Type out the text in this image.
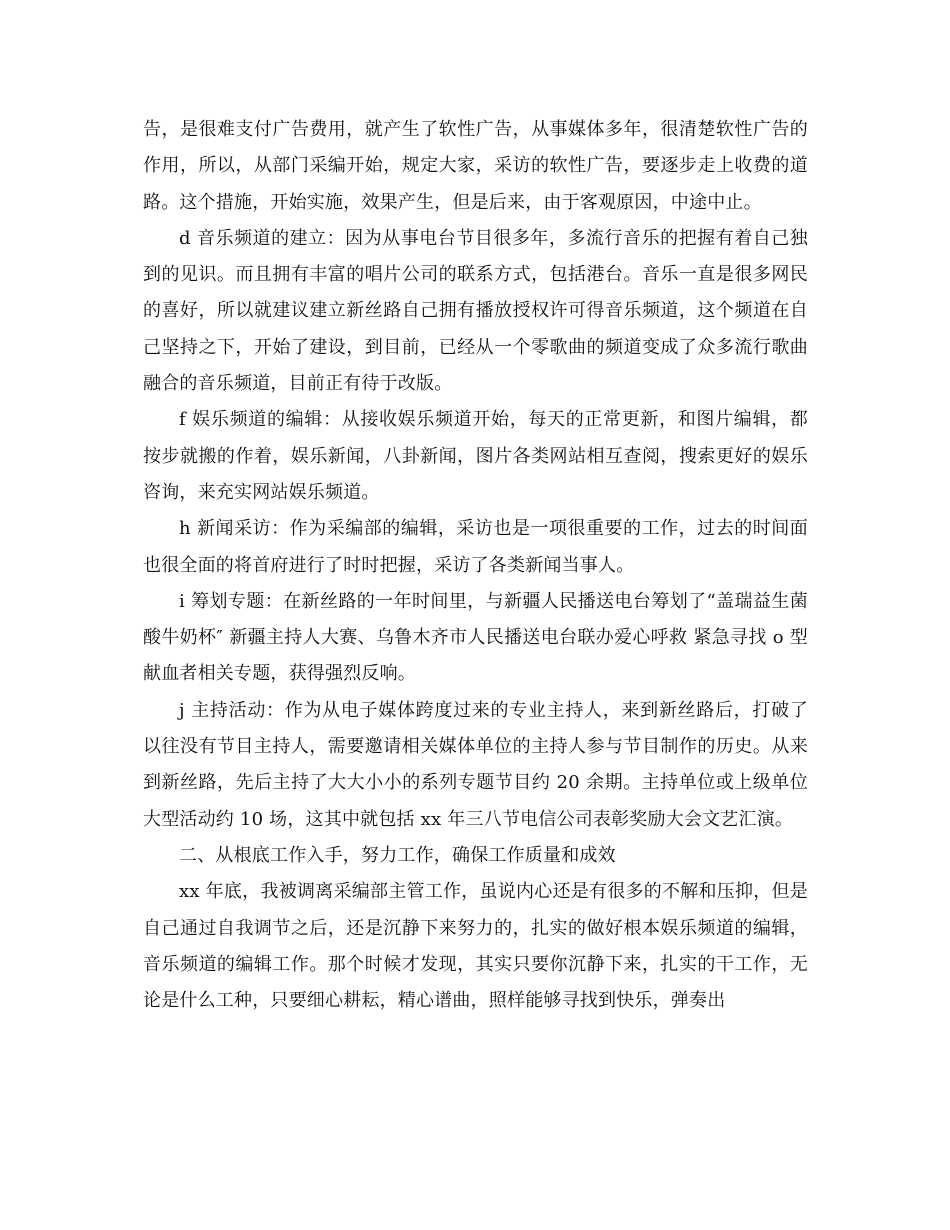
告，是很难支付广告费用，就产生了软性广告，从事媒体多年，很清楚软性广告的作用，所以，从部门采编开始，规定大家，采访的软性广告，要逐步走上收费的道路。这个措施，开始实施，效果产生，但是后来，由于客观原因，中途中止。

d 音乐频道的建立：因为从事电台节目很多年，多流行音乐的把握有着自己独到的见识。而且拥有丰富的唱片公司的联系方式，包括港台。音乐一直是很多网民的喜好，所以就建议建立新丝路自己拥有播放授权许可得音乐频道，这个频道在自己坚持之下，开始了建设，到目前，已经从一个零歌曲的频道变成了众多流行歌曲融合的音乐频道，目前正有待于改版。

f 娱乐频道的编辑：从接收娱乐频道开始，每天的正常更新，和图片编辑，都按步就搬的作着，娱乐新闻，八卦新闻，图片各类网站相互查阅，搜索更好的娱乐咨询，来充实网站娱乐频道。

h 新闻采访：作为采编部的编辑，采访也是一项很重要的工作，过去的时间面也很全面的将首府进行了时时把握，采访了各类新闻当事人。

i 筹划专题：在新丝路的一年时间里，与新疆人民播送电台筹划了“盖瑞益生菌酸牛奶杯″ 新疆主持人大赛、乌鲁木齐市人民播送电台联办爱心呼救 紧急寻找 o 型献血者相关专题，获得强烈反响。

j 主持活动：作为从电子媒体跨度过来的专业主持人，来到新丝路后，打破了以往没有节目主持人，需要邀请相关媒体单位的主持人参与节目制作的历史。从来到新丝路，先后主持了大大小小的系列专题节目约 20 余期。主持单位或上级单位大型活动约 10 场，这其中就包括 xx 年三八节电信公司表彰奖励大会文艺汇演。

二、从根底工作入手，努力工作，确保工作质量和成效

xx 年底，我被调离采编部主管工作，虽说内心还是有很多的不解和压抑，但是自己通过自我调节之后，还是沉静下来努力的，扎实的做好根本娱乐频道的编辑，音乐频道的编辑工作。那个时候才发现，其实只要你沉静下来，扎实的干工作，无论是什么工种，只要细心耕耘，精心谱曲，照样能够寻找到快乐，弹奏出
